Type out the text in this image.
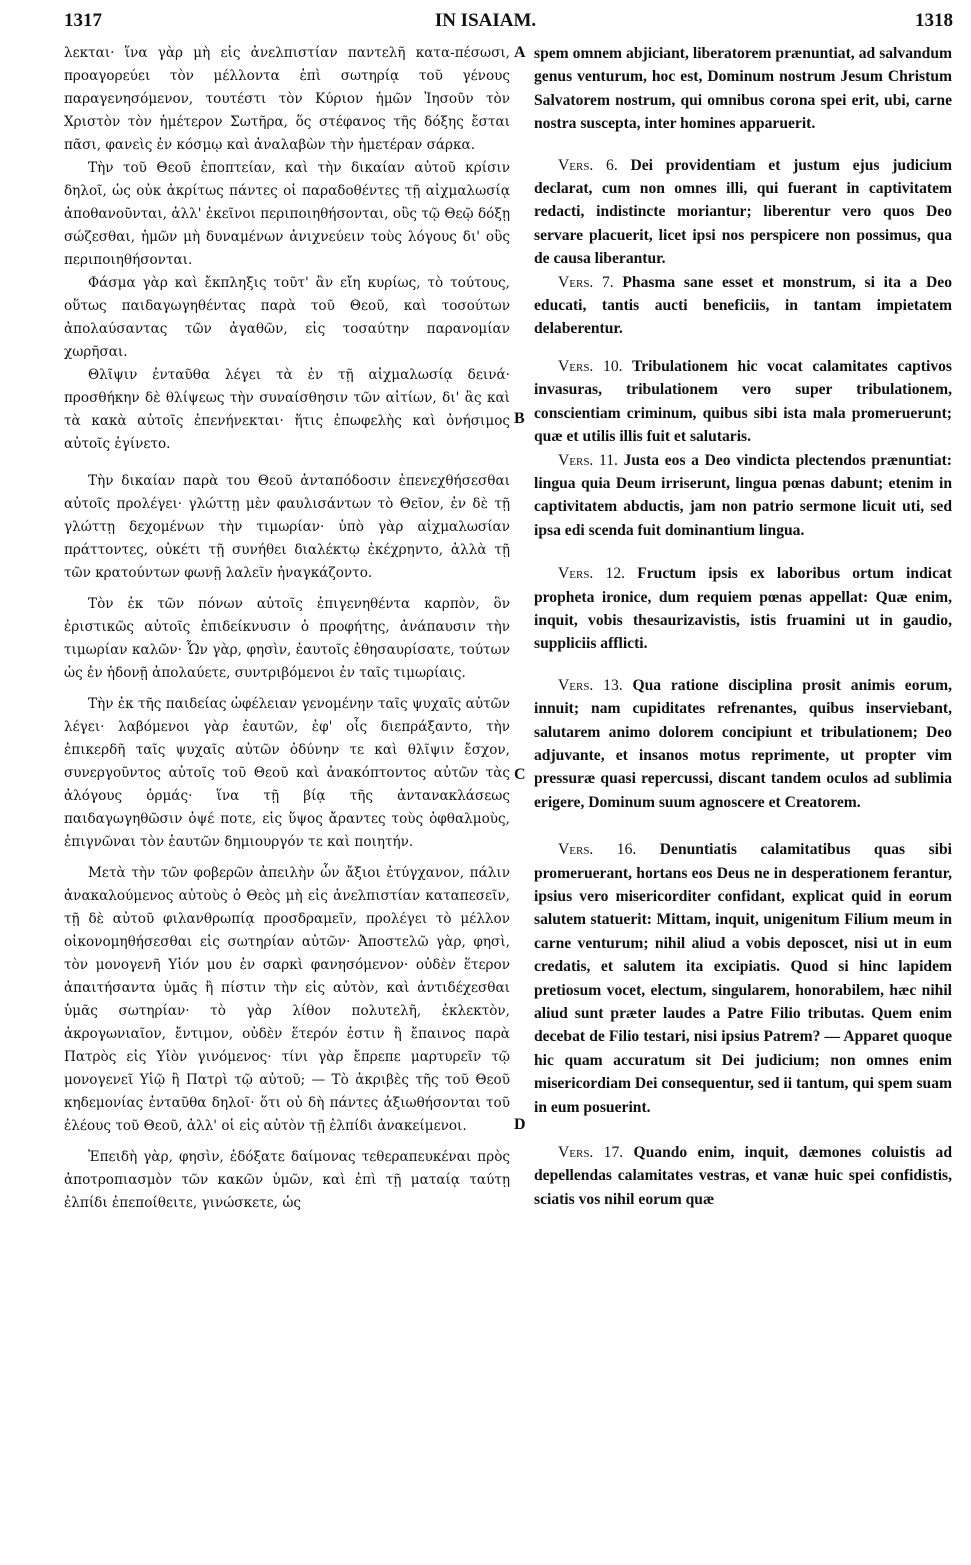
1317	IN ISAIAM.	1318

λεκται· ἵνα γὰρ μὴ εἰς ἀνελπιστίαν παντελῆ κατα-πέσωσι, προαγορεύει τὸν μέλλοντα ἐπὶ σωτηρίᾳ τοῦ γένους παραγενησόμενον, τουτέστι τὸν Κύριον ἡμῶν Ἰησοῦν τὸν Χριστὸν τὸν ἡμέτερον Σωτῆρα, ὅς στέφανος τῆς δόξης ἔσται πᾶσι, φανεὶς ἐν κόσμῳ καὶ ἀναλαβὼν τὴν ἡμετέραν σάρκα.

Τὴν τοῦ Θεοῦ ἐποπτείαν, καὶ τὴν δικαίαν αὐτοῦ κρίσιν δηλοῖ, ὡς οὐκ ἀκρίτως πάντες οἱ παραδοθέντες τῇ αἰχμαλωσίᾳ ἀποθανοῦνται, ἀλλ' ἐκεῖνοι περιποιηθήσονται, οὓς τῷ Θεῷ δόξῃ σώζεσθαι, ἡμῶν μὴ δυναμένων ἀνιχνεύειν τοὺς λόγους δι' οὓς περιποιηθήσονται.

Φάσμα γὰρ καὶ ἔκπληξις τοῦτ' ἂν εἴη κυρίως, τὸ τούτους, οὕτως παιδαγωγηθέντας παρὰ τοῦ Θεοῦ, καὶ τοσούτων ἀπολαύσαντας τῶν ἀγαθῶν, εἰς τοσαύτην παρανομίαν χωρῆσαι.

Θλῖψιν ἐνταῦθα λέγει τὰ ἐν τῇ αἰχμαλωσίᾳ δεινά· προσθήκην δὲ θλίψεως τὴν συναίσθησιν τῶν αἰτίων, δι' ἃς καὶ τὰ κακὰ αὐτοῖς ἐπενήνεκται· ἥτις ἐπωφελὴς καὶ ὀνήσιμος αὐτοῖς ἐγίνετο.

Τὴν δικαίαν παρὰ του Θεοῦ ἀνταπόδοσιν ἐπενεχθήσεσθαι αὐτοῖς προλέγει· γλώττῃ μὲν φαυλισάντων τὸ Θεῖον, ἐν δὲ τῇ γλώττῃ δεχομένων τὴν τιμωρίαν· ὑπὸ γὰρ αἰχμαλωσίαν πράττοντες, οὐκέτι τῇ συνήθει διαλέκτῳ ἐκέχρηντο, ἀλλὰ τῇ τῶν κρατούντων φωνῇ λαλεῖν ἠναγκάζοντο.

Τὸν ἐκ τῶν πόνων αὐτοῖς ἐπιγενηθέντα καρπὸν, ὃν ἐριστικῶς αὐτοῖς ἐπιδείκνυσιν ὁ προφήτης, ἀνάπαυσιν τὴν τιμωρίαν καλῶν· Ὧν γὰρ, φησὶν, ἐαυτοῖς ἐθησαυρίσατε, τούτων ὡς ἐν ἡδονῇ ἀπολαύετε, συντριβόμενοι ἐν ταῖς τιμωρίαις.

Τὴν ἐκ τῆς παιδείας ὠφέλειαν γενομένην ταῖς ψυχαῖς αὐτῶν λέγει· λαβόμενοι γὰρ ἑαυτῶν, ἐφ' οἷς διεπράξαντο, τὴν ἐπικερδῆ ταῖς ψυχαῖς αὐτῶν ὀδύνην τε καὶ θλῖψιν ἔσχον, συνεργοῦντος αὐτοῖς τοῦ Θεοῦ καὶ ἀνακόπτοντος αὐτῶν τὰς ἀλόγους ὁρμάς· ἵνα τῇ βίᾳ τῆς ἀντανακλάσεως παιδαγωγηθῶσιν ὀψέ ποτε, εἰς ὕψος ἄραντες τοὺς ὀφθαλμοὺς, ἐπιγνῶναι τὸν ἑαυτῶν δημιουργόν τε καὶ ποιητήν.

Μετὰ τὴν τῶν φοβερῶν ἀπειλὴν ὧν ἄξιοι ἐτύγχανον, πάλιν ἀνακαλούμενος αὐτοὺς ὁ Θεὸς μὴ εἰς ἀνελπιστίαν καταπεσεῖν, τῇ δὲ αὐτοῦ φιλανθρωπίᾳ προσδραμεῖν, προλέγει τὸ μέλλον οἰκονομηθήσεσθαι εἰς σωτηρίαν αὐτῶν· Ἀποστελῶ γὰρ, φησὶ, τὸν μονογενῆ Υἱόν μου ἐν σαρκὶ φανησόμενον· οὐδὲν ἕτερον ἀπαιτήσαντα ὑμᾶς ἢ πίστιν τὴν εἰς αὐτὸν, καὶ ἀντιδέχεσθαι ὑμᾶς σωτηρίαν· τὸ γὰρ λίθον πολυτελῆ, ἐκλεκτὸν, ἀκρογωνιαῖον, ἔντιμον, οὐδὲν ἕτερόν ἐστιν ἢ ἔπαινος παρὰ Πατρὸς εἰς Υἱὸν γινόμενος· τίνι γὰρ ἔπρεπε μαρτυρεῖν τῷ μονογενεῖ Υἱῷ ἢ Πατρὶ τῷ αὐτοῦ; — Τὸ ἀκριβὲς τῆς τοῦ Θεοῦ κηδεμονίας ἐνταῦθα δηλοῖ· ὅτι οὐ δὴ πάντες ἀξιωθήσονται τοῦ ἐλέους τοῦ Θεοῦ, ἀλλ' οἱ εἰς αὐτὸν τῇ ἐλπίδι ἀνακείμενοι.

Ἐπειδὴ γὰρ, φησὶν, ἐδόξατε δαίμονας τεθεραπευκέναι πρὸς ἀποτροπιασμὸν τῶν κακῶν ὑμῶν, καὶ ἐπὶ τῇ ματαίᾳ ταύτῃ ἐλπίδι ἐπεποίθειτε, γινώσκετε, ὡς

A
B
C
D

spem omnem abjiciant, liberatorem prænuntiat, ad salvandum genus venturum, hoc est, Dominum nostrum Jesum Christum Salvatorem nostrum, qui omnibus corona spei erit, ubi, carne nostra suscepta, inter homines apparuerit.

Vers. 6. Dei providentiam et justum ejus judicium declarat, cum non omnes illi, qui fuerant in captivitatem redacti, indistincte moriantur; liberentur vero quos Deo servare placuerit, licet ipsi nos perspicere non possimus, qua de causa liberantur.

Vers. 7. Phasma sane esset et monstrum, si ita a Deo educati, tantis aucti beneficiis, in tantam impietatem delaberentur.

Vers. 10. Tribulationem hic vocat calamitates captivos invasuras, tribulationem vero super tribulationem, conscientiam criminum, quibus sibi ista mala promeruerunt; quæ et utilis illis fuit et salutaris.

Vers. 11. Justa eos a Deo vindicta plectendos prænuntiat: lingua quia Deum irriserunt, lingua pœnas dabunt; etenim in captivitatem abductis, jam non patrio sermone licuit uti, sed ipsa edi scenda fuit dominantium lingua.

Vers. 12. Fructum ipsis ex laboribus ortum indicat propheta ironice, dum requiem pœnas appellat: Quæ enim, inquit, vobis thesaurizavistis, istis fruamini ut in gaudio, suppliciis afflicti.

Vers. 13. Qua ratione disciplina prosit animis eorum, innuit; nam cupiditates refrenantes, quibus inserviebant, salutarem animo dolorem concipiunt et tribulationem; Deo adjuvante, et insanos motus reprimente, ut propter vim pressuræ quasi repercussi, discant tandem oculos ad sublimia erigere, Dominum suum agnoscere et Creatorem.

Vers. 16. Denuntiatis calamitatibus quas sibi promeruerant, hortans eos Deus ne in desperationem ferantur, ipsius vero misericorditer confidant, explicat quid in eorum salutem statuerit: Mittam, inquit, unigenitum Filium meum in carne venturum; nihil aliud a vobis deposcet, nisi ut in eum credatis, et salutem ita excipiatis. Quod si hinc lapidem pretiosum vocet, electum, singularem, honorabilem, hæc nihil aliud sunt præter laudes a Patre Filio tributas. Quem enim decebat de Filio testari, nisi ipsius Patrem? — Apparet quoque hic quam accuratum sit Dei judicium; non omnes enim misericordiam Dei consequentur, sed ii tantum, qui spem suam in eum posuerint.

Vers. 17. Quando enim, inquit, dæmones coluistis ad depellendas calamitates vestras, et vanæ huic spei confidistis, sciatis vos nihil eorum quæ
